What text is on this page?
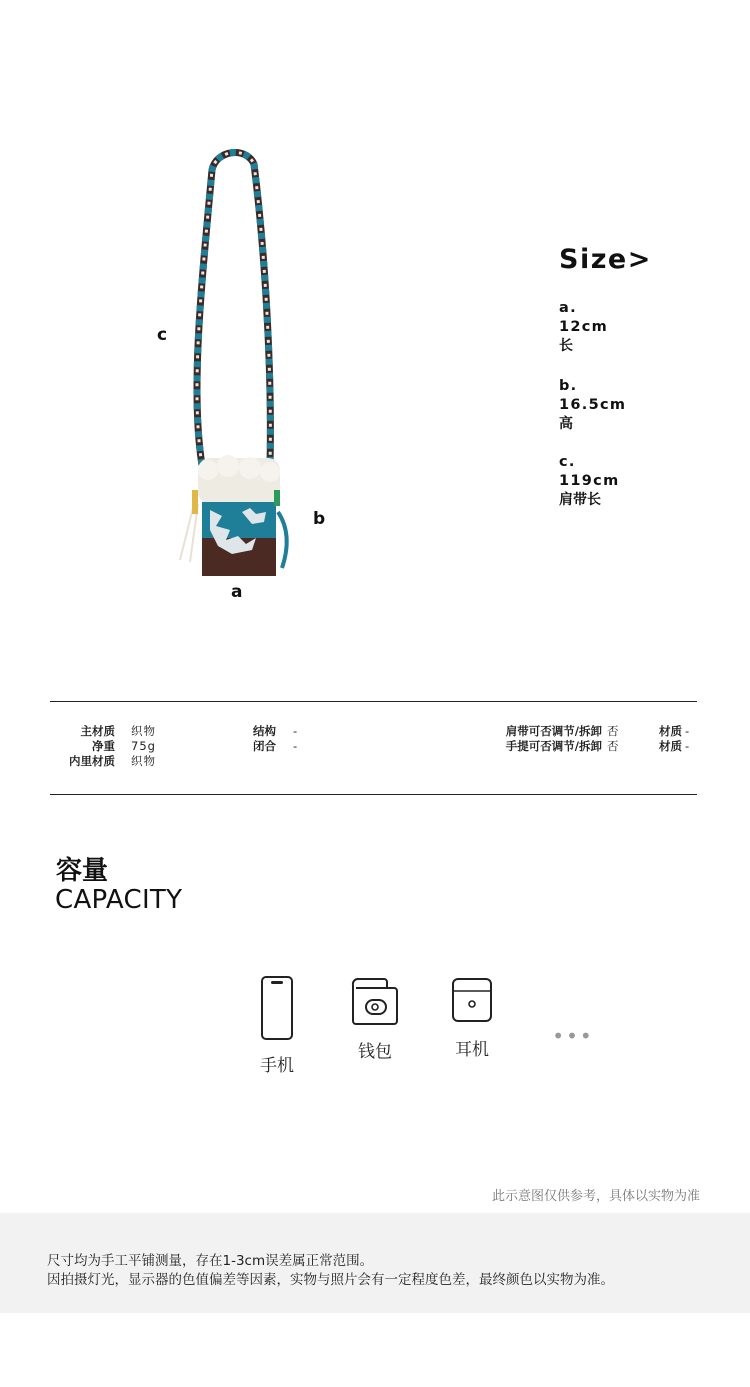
c
b
a
Size>
a.
12cm
长
b.
16.5cm
高
c.
119cm
肩带长
主材质
净重
内里材质
织物
75g
织物
结构
闭合
-
-
肩带可否调节/拆卸
手提可否调节/拆卸
否
否
材质
材质
-
-
容量
CAPACITY
手机
钱包	耳机
•••
此示意图仅供参考，具体以实物为准

尺寸均为手工平铺测量，存在1-3cm误差属正常范围。

因拍摄灯光，显示器的色值偏差等因素，实物与照片会有一定程度色差，最终颜色以实物为准。
